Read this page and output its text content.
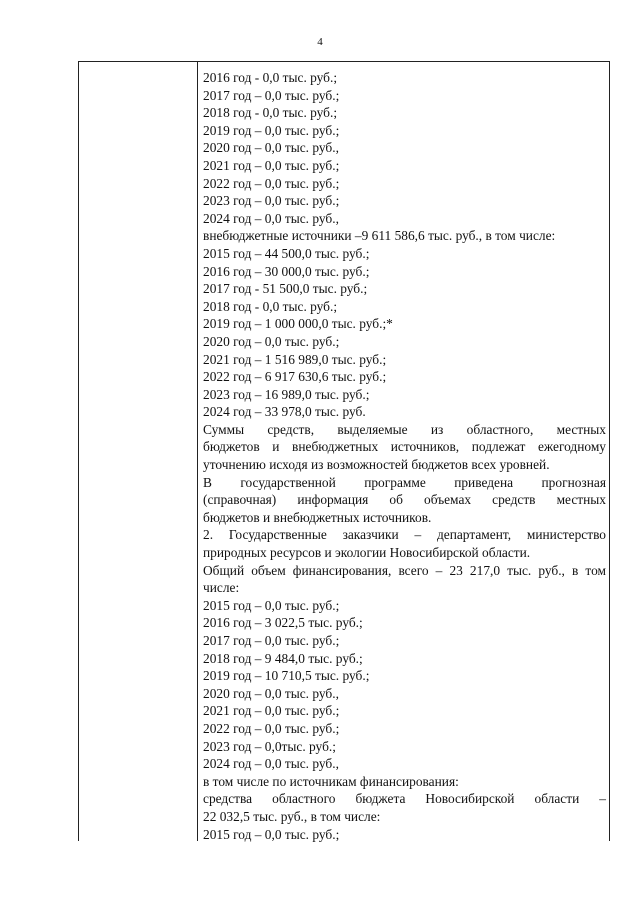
4
2016 год - 0,0 тыс. руб.;
2017 год – 0,0 тыс. руб.;
2018 год - 0,0 тыс. руб.;
2019 год – 0,0 тыс. руб.;
2020 год – 0,0 тыс. руб.,
2021 год – 0,0 тыс. руб.;
2022 год – 0,0 тыс. руб.;
2023 год – 0,0 тыс. руб.;
2024 год – 0,0 тыс. руб.,
внебюджетные источники –9 611 586,6 тыс. руб., в том числе:
2015 год – 44 500,0 тыс. руб.;
2016 год – 30 000,0 тыс. руб.;
2017 год - 51 500,0 тыс. руб.;
2018 год - 0,0 тыс. руб.;
2019 год – 1 000 000,0 тыс. руб.;*
2020 год – 0,0 тыс. руб.;
2021 год – 1 516 989,0 тыс. руб.;
2022 год – 6 917 630,6 тыс. руб.;
2023 год – 16 989,0 тыс. руб.;
2024 год – 33 978,0 тыс. руб.
Суммы средств, выделяемые из областного, местных
бюджетов и внебюджетных источников, подлежат ежегодному
уточнению исходя из возможностей бюджетов всех уровней.
В государственной программе приведена прогнозная
(справочная) информация об объемах средств местных
бюджетов и внебюджетных источников.
2. Государственные заказчики – департамент, министерство
природных ресурсов и экологии Новосибирской области.
Общий объем финансирования, всего – 23 217,0 тыс. руб., в том
числе:
2015 год – 0,0 тыс. руб.;
2016 год – 3 022,5 тыс. руб.;
2017 год – 0,0 тыс. руб.;
2018 год – 9 484,0 тыс. руб.;
2019 год – 10 710,5 тыс. руб.;
2020 год – 0,0 тыс. руб.,
2021 год – 0,0 тыс. руб.;
2022 год – 0,0 тыс. руб.;
2023 год – 0,0тыс. руб.;
2024 год – 0,0 тыс. руб.,
в том числе по источникам финансирования:
средства областного бюджета Новосибирской области –
22 032,5 тыс. руб., в том числе:
2015 год – 0,0 тыс. руб.;
